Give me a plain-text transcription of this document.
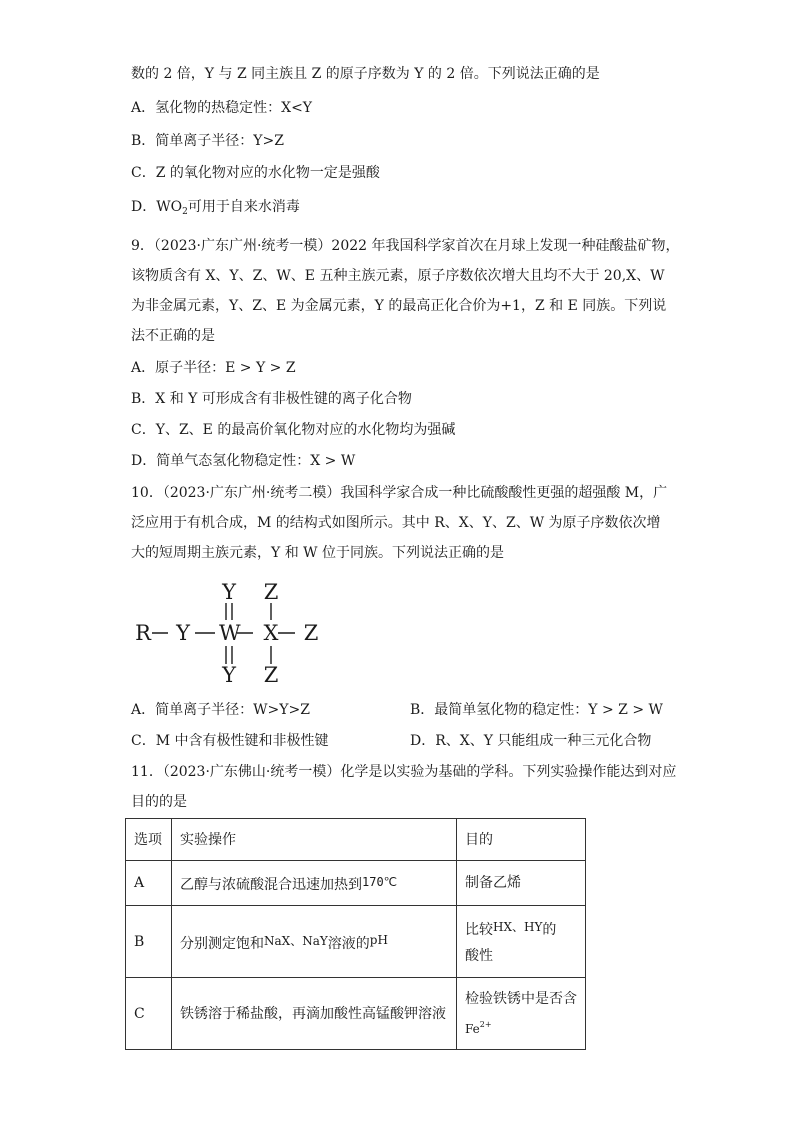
数的 2 倍，Y 与 Z 同主族且 Z 的原子序数为 Y 的 2 倍。下列说法正确的是
A．氢化物的热稳定性：X<Y
B．简单离子半径：Y>Z
C．Z 的氧化物对应的水化物一定是强酸
D．$WO_2$可用于自来水消毒
9．（2023·广东广州·统考一模）2022 年我国科学家首次在月球上发现一种硅酸盐矿物，
该物质含有 X、Y、Z、W、E 五种主族元素，原子序数依次增大且均不大于 20,X、W
为非金属元素，Y、Z、E 为金属元素，Y 的最高正化合价为+1，Z 和 E 同族。下列说
法不正确的是
A．原子半径：E > Y > Z
B．X 和 Y 可形成含有非极性键的离子化合物
C．Y、Z、E 的最高价氧化物对应的水化物均为强碱
D．简单气态氢化物稳定性：X > W
10．（2023·广东广州·统考二模）我国科学家合成一种比硫酸酸性更强的超强酸 M，广
泛应用于有机合成，M 的结构式如图所示。其中 R、X、Y、Z、W 为原子序数依次增
大的短周期主族元素，Y 和 W 位于同族。下列说法正确的是
Y Z
R Y W X Z
Y Z
A．简单离子半径：W>Y>Z	B．最简单氢化物的稳定性：Y > Z > W
C．M 中含有极性键和非极性键	D．R、X、Y 只能组成一种三元化合物
11．（2023·广东佛山·统考一模）化学是以实验为基础的学科。下列实验操作能达到对应
目的的是
选项	实验操作	目的
A	乙醇与浓硫酸混合迅速加热到170℃	制备乙烯
B	分别测定饱和NaX、NaY溶液的pH	比较HX、HY的
酸性

C	铁锈溶于稀盐酸，再滴加酸性高锰酸钾溶液	检验铁锈中是否含
$Fe^{2+}$
